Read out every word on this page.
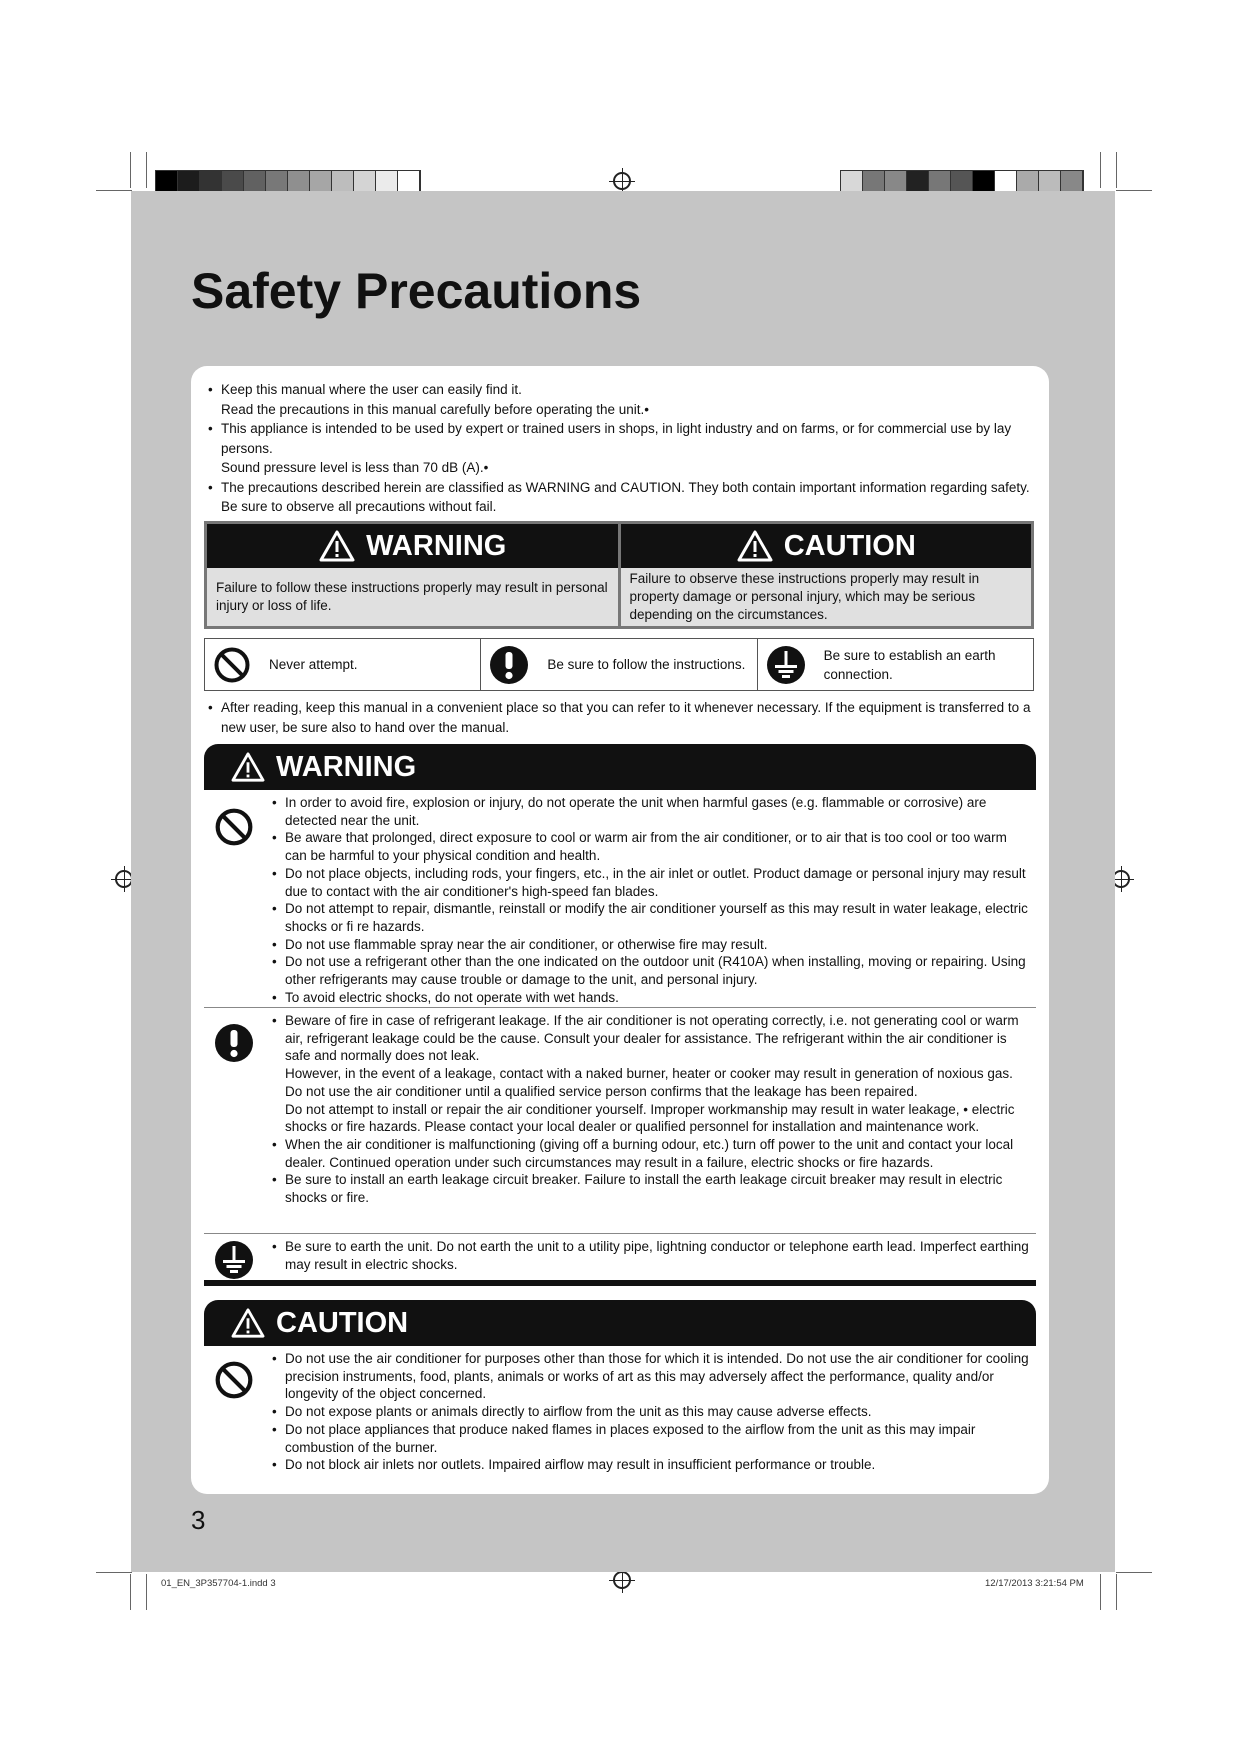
Safety Precautions
• Keep this manual where the user can easily find it.
Read the precautions in this manual carefully before operating the unit.•
• This appliance is intended to be used by expert or trained users in shops, in light industry and on farms, or for commercial use by lay persons.
Sound pressure level is less than 70 dB (A).•
• The precautions described herein are classified as WARNING and CAUTION. They both contain important information regarding safety. Be sure to observe all precautions without fail.
WARNING
Failure to follow these instructions properly may result in personal injury or loss of life.
CAUTION
Failure to observe these instructions properly may result in property damage or personal injury, which may be serious depending on the circumstances.
Never attempt.	Be sure to follow the instructions.
Be sure to establish an earth connection.
• After reading, keep this manual in a convenient place so that you can refer to it whenever necessary. If the equipment is transferred to a new user, be sure also to hand over the manual.
WARNING
• In order to avoid fire, explosion or injury, do not operate the unit when harmful gases (e.g. flammable or corrosive) are detected near the unit.
• Be aware that prolonged, direct exposure to cool or warm air from the air conditioner, or to air that is too cool or too warm can be harmful to your physical condition and health.
• Do not place objects, including rods, your fingers, etc., in the air inlet or outlet. Product damage or personal injury may result due to contact with the air conditioner's high-speed fan blades.
• Do not attempt to repair, dismantle, reinstall or modify the air conditioner yourself as this may result in water leakage, electric shocks or fi re hazards.
• Do not use flammable spray near the air conditioner, or otherwise fire may result.
• Do not use a refrigerant other than the one indicated on the outdoor unit (R410A) when installing, moving or repairing. Using other refrigerants may cause trouble or damage to the unit, and personal injury.
• To avoid electric shocks, do not operate with wet hands.
• Beware of fire in case of refrigerant leakage. If the air conditioner is not operating correctly, i.e. not generating cool or warm air, refrigerant leakage could be the cause. Consult your dealer for assistance. The refrigerant within the air conditioner is safe and normally does not leak.
However, in the event of a leakage, contact with a naked burner, heater or cooker may result in generation of noxious gas. Do not use the air conditioner until a qualified service person confirms that the leakage has been repaired.
Do not attempt to install or repair the air conditioner yourself. Improper workmanship may result in water leakage, • electric shocks or fire hazards. Please contact your local dealer or qualified personnel for installation and maintenance work.
• When the air conditioner is malfunctioning (giving off a burning odour, etc.) turn off power to the unit and contact your local dealer. Continued operation under such circumstances may result in a failure, electric shocks or fire hazards.
• Be sure to install an earth leakage circuit breaker. Failure to install the earth leakage circuit breaker may result in electric shocks or fire.
• Be sure to earth the unit. Do not earth the unit to a utility pipe, lightning conductor or telephone earth lead. Imperfect earthing may result in electric shocks.
CAUTION
• Do not use the air conditioner for purposes other than those for which it is intended. Do not use the air conditioner for cooling precision instruments, food, plants, animals or works of art as this may adversely affect the performance, quality and/or longevity of the object concerned.
• Do not expose plants or animals directly to airflow from the unit as this may cause adverse effects.
• Do not place appliances that produce naked flames in places exposed to the airflow from the unit as this may impair combustion of the burner.
• Do not block air inlets nor outlets. Impaired airflow may result in insufficient performance or trouble.
3
01_EN_3P357704-1.indd 3	12/17/2013 3:21:54 PM
